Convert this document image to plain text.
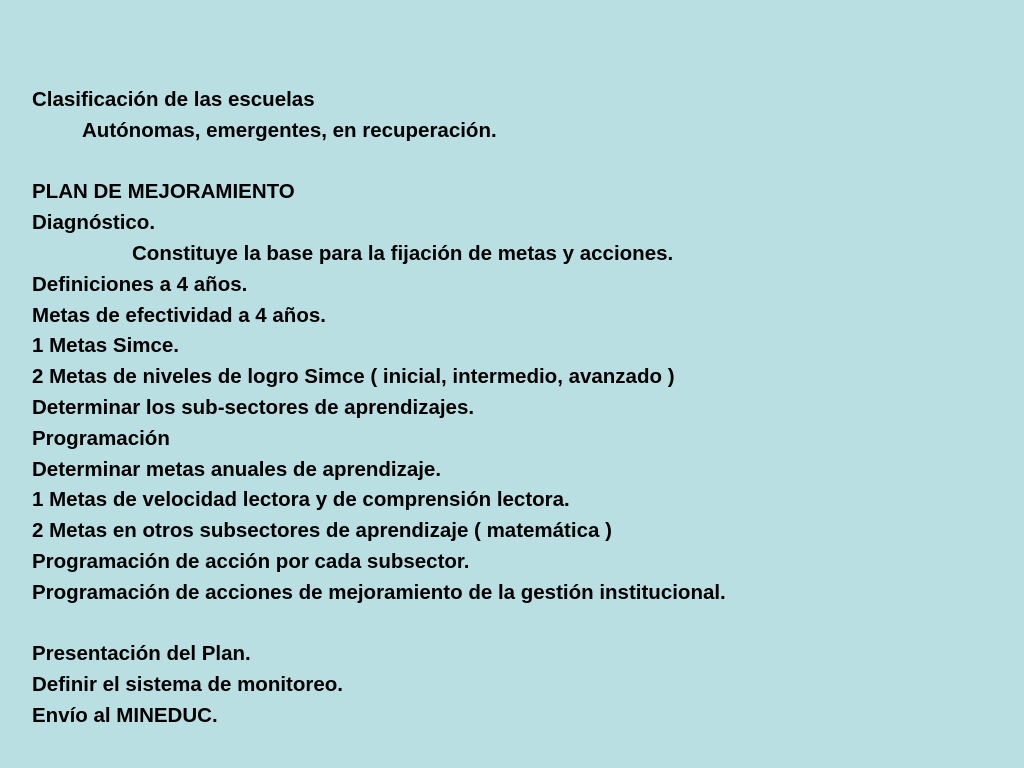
Clasificación de las escuelas
Autónomas, emergentes, en recuperación.
PLAN DE MEJORAMIENTO
Diagnóstico.
Constituye la base para la fijación de metas y acciones.
Definiciones a 4 años.
Metas de efectividad a 4 años.
1 Metas Simce.
2 Metas de niveles de logro Simce ( inicial, intermedio, avanzado )
Determinar los sub-sectores de aprendizajes.
Programación
Determinar metas anuales de aprendizaje.
1 Metas de velocidad lectora y de comprensión lectora.
2 Metas en otros subsectores de aprendizaje ( matemática )
Programación de acción por cada subsector.
Programación de acciones de mejoramiento de la gestión institucional.
Presentación del Plan.
Definir el sistema de monitoreo.
Envío al MINEDUC.
